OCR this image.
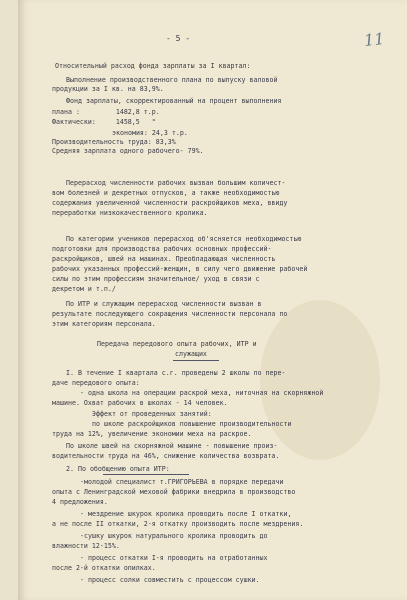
- 5 -	11
Относительный расход фонда зарплаты за I квартал:
Выполнение производственного плана по выпуску валовой
продукции за I кв. на 83,9%.
Фонд зарплаты, скорректированный на процент выполнения
плана :         1482,8 т.р.
Фактически:     1458,5   "
экономия: 24,3 т.р.
Производительность труда: 83,3%
Средняя зарплата одного рабочего- 79%.
Перерасход численности рабочих вызван большим количест-
вом болезней и декретных отпусков, а также необходимостью
содержания увеличенной численности раскройщиков меха, ввиду
переработки низкокачественного кролика.
По категории учеников перерасход об'ясняется необходимостью
подготовки для производства рабочих основных профессий-
раскройщиков, швей на машинах. Преобладающая численность
рабочих указанных профессий-женщин, в силу чего движение рабочей
силы по этим профессиям значительное/ уход в связи с
декретом и т.п./
По ИТР и служащим перерасход численности вызван в
результате последующего сокращения численности персонала по
этим категориям персонала.
Передача передового опыта рабочих, ИТР и
служащих
I. В течение I квартала с.г. проведены 2 школы по пере-
даче передового опыта:
- одна школа на операции раскрой меха, ниточная на скорняжной
машине. Охват рабочих в школах - 14 человек.
Эффект от проведенных занятий:
по школе раскройщиков повышение производительности
труда на 12%, увеличение экономии меха на раскрое.
По школе швей на скорняжной машине - повышение произ-
водительности труда на 46%, снижение количества возврата.
2. По обобщению опыта ИТР:
-молодой специалист т.ГРИГОРЬЕВА в порядке передачи
опыта с Ленинградской меховой фабрики внедрила в производство
4 предложения.
- мездрение шкурок кролика проводить после I откатки,
а не после II откатки, 2-я откатку производить после мездрения.
-сушку шкурок натурального кролика проводить до
влажности 12-15%.
- процесс откатки I-я проводить на отработанных
после 2-й откатки опилках.
- процесс солки совместить с процессом сушки.
